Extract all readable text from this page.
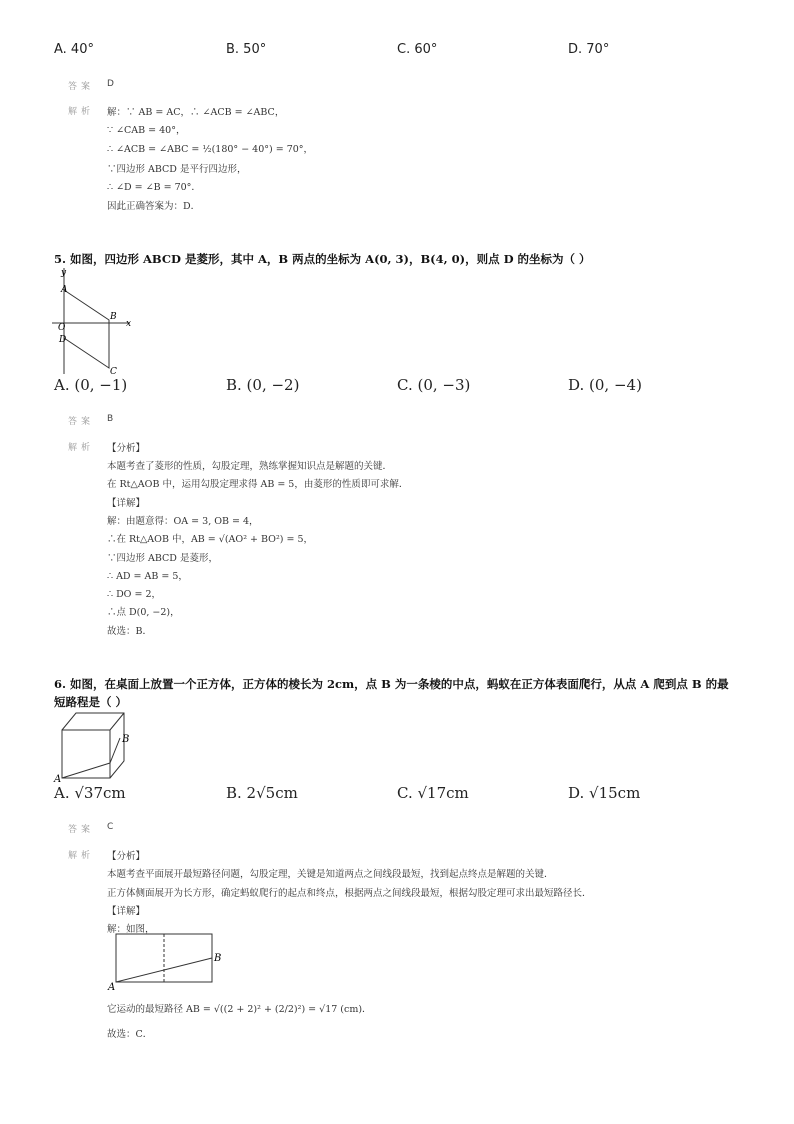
A. 40°	B. 50°	C. 60°	D. 70°
答案 D
解析 解：∵ AB = AC，∴ ∠ACB = ∠ABC，
∵ ∠CAB = 40°，
∴ ∠ACB = ∠ABC = ½(180° − 40°) = 70°，
∵四边形 ABCD 是平行四边形，
∴ ∠D = ∠B = 70°．
因此正确答案为：D．
5. 如图，四边形 ABCD 是菱形，其中 A，B 两点的坐标为 A(0, 3)，B(4, 0)，则点 D 的坐标为（ ）
y
x
A
B
O
D
C
A. (0, −1)	B. (0, −2)	C. (0, −3)	D. (0, −4)
答案 B
解析 【分析】
本题考查了菱形的性质，勾股定理，熟练掌握知识点是解题的关键．
在 Rt△AOB 中，运用勾股定理求得 AB = 5，由菱形的性质即可求解．
【详解】
解：由题意得：OA = 3, OB = 4，
∴在 Rt△AOB 中，AB = √(AO² + BO²) = 5，
∵四边形 ABCD 是菱形，
∴ AD = AB = 5，
∴ DO = 2，
∴点 D(0, −2)，
故选：B．
6. 如图，在桌面上放置一个正方体，正方体的棱长为 2cm，点 B 为一条棱的中点，蚂蚁在正方体表面爬行，从点 A 爬到点 B 的最
短路程是（ ）
A
B
A. √37cm	B. 2√5cm	C. √17cm	D. √15cm
答案 C
解析 【分析】
本题考查平面展开最短路径问题，勾股定理，关键是知道两点之间线段最短，找到起点终点是解题的关键．
正方体侧面展开为长方形，确定蚂蚁爬行的起点和终点，根据两点之间线段最短，根据勾股定理可求出最短路径长．
【详解】
解：如图，
A
B
它运动的最短路径 AB = √((2 + 2)² + (2/2)²) = √17 (cm)．
故选：C．
